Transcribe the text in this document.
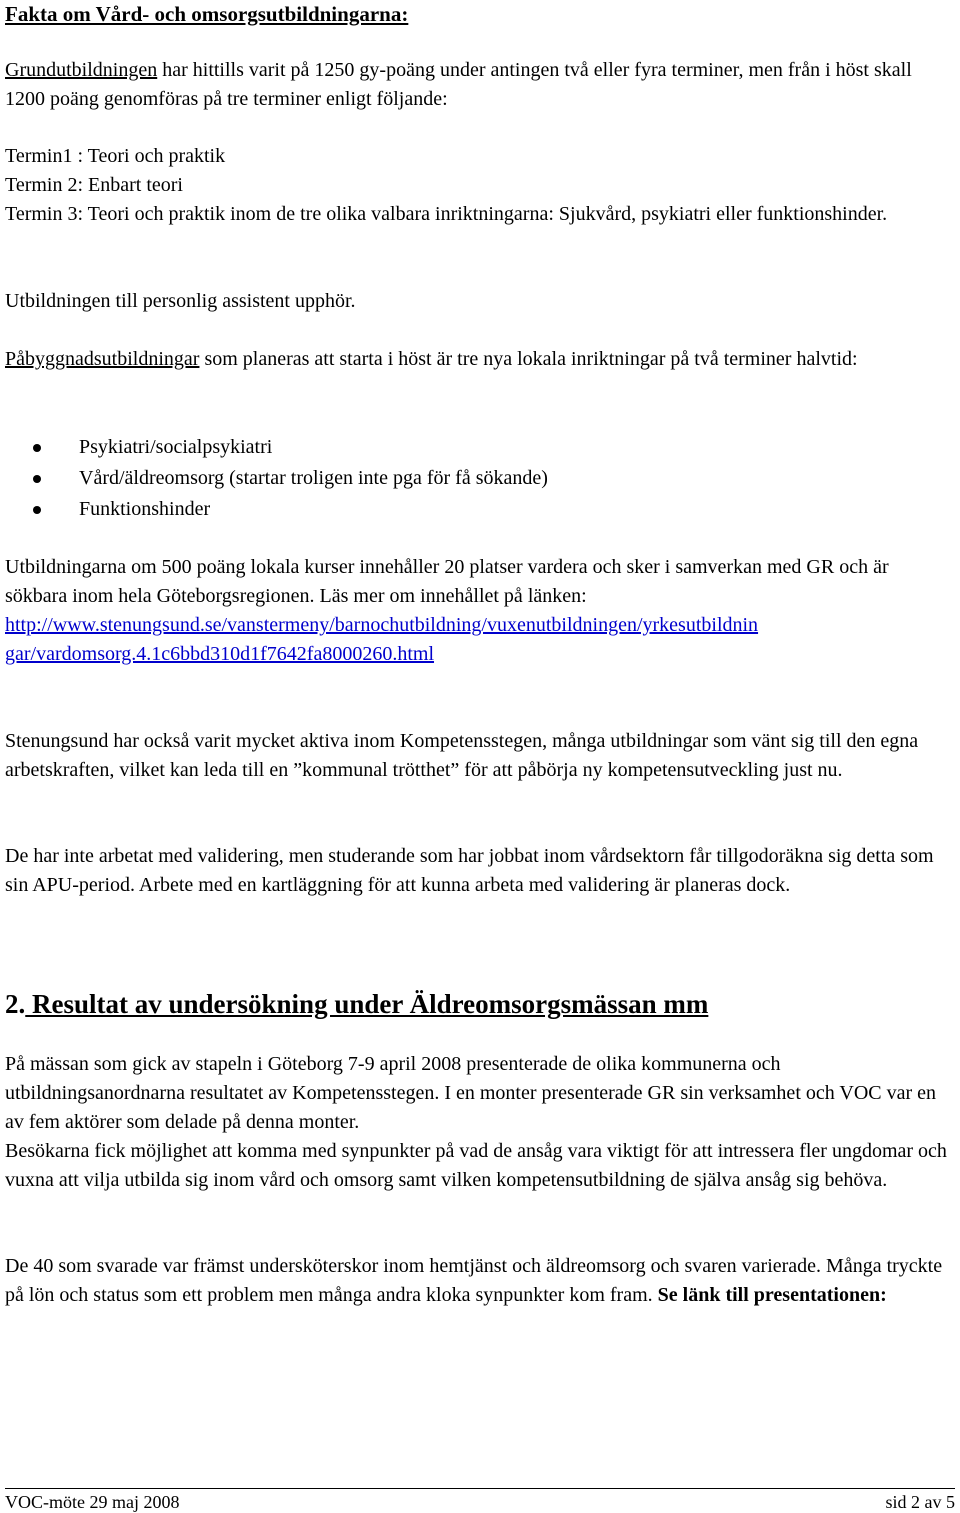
Fakta om Vård- och omsorgsutbildningarna:

Grundutbildningen har hittills varit på 1250 gy-poäng under antingen två eller fyra terminer, men från i höst skall 1200 poäng genomföras på tre terminer enligt följande:

Termin1 : Teori och praktik

Termin 2: Enbart teori

Termin 3: Teori och praktik inom de tre olika valbara inriktningarna: Sjukvård, psykiatri eller funktionshinder.

Utbildningen till personlig assistent upphör.

Påbyggnadsutbildningar som planeras att starta i höst är tre nya lokala inriktningar på två terminer halvtid:

Psykiatri/socialpsykiatri
Vård/äldreomsorg (startar troligen inte pga för få sökande)
Funktionshinder

Utbildningarna om 500 poäng lokala kurser innehåller 20 platser vardera och sker i samverkan med GR och är sökbara inom hela Göteborgsregionen. Läs mer om innehållet på länken:

http://www.stenungsund.se/vanstermeny/barnochutbildning/vuxenutbildningen/yrkesutbildnin
gar/vardomsorg.4.1c6bbd310d1f7642fa8000260.html

Stenungsund har också varit mycket aktiva inom Kompetensstegen, många utbildningar som vänt sig till den egna arbetskraften, vilket kan leda till en ”kommunal trötthet” för att påbörja ny kompetensutveckling just nu.

De har inte arbetat med validering, men studerande som har jobbat inom vårdsektorn får tillgodoräkna sig detta som sin APU-period. Arbete med en kartläggning för att kunna arbeta med validering är planeras dock.

2. Resultat av undersökning under Äldreomsorgsmässan mm

På mässan som gick av stapeln i Göteborg 7-9 april 2008 presenterade de olika kommunerna och utbildningsanordnarna resultatet av Kompetensstegen. I en monter presenterade GR sin verksamhet och VOC var en av fem aktörer som delade på denna monter.

Besökarna fick möjlighet att komma med synpunkter på vad de ansåg vara viktigt för att intressera fler ungdomar och vuxna att vilja utbilda sig inom vård och omsorg samt vilken kompetensutbildning de själva ansåg sig behöva.

De 40 som svarade var främst undersköterskor inom hemtjänst och äldreomsorg och svaren varierade. Många tryckte på lön och status som ett problem men många andra kloka synpunkter kom fram. Se länk till presentationen:

VOC-möte 29 maj 2008	sid 2 av 5
